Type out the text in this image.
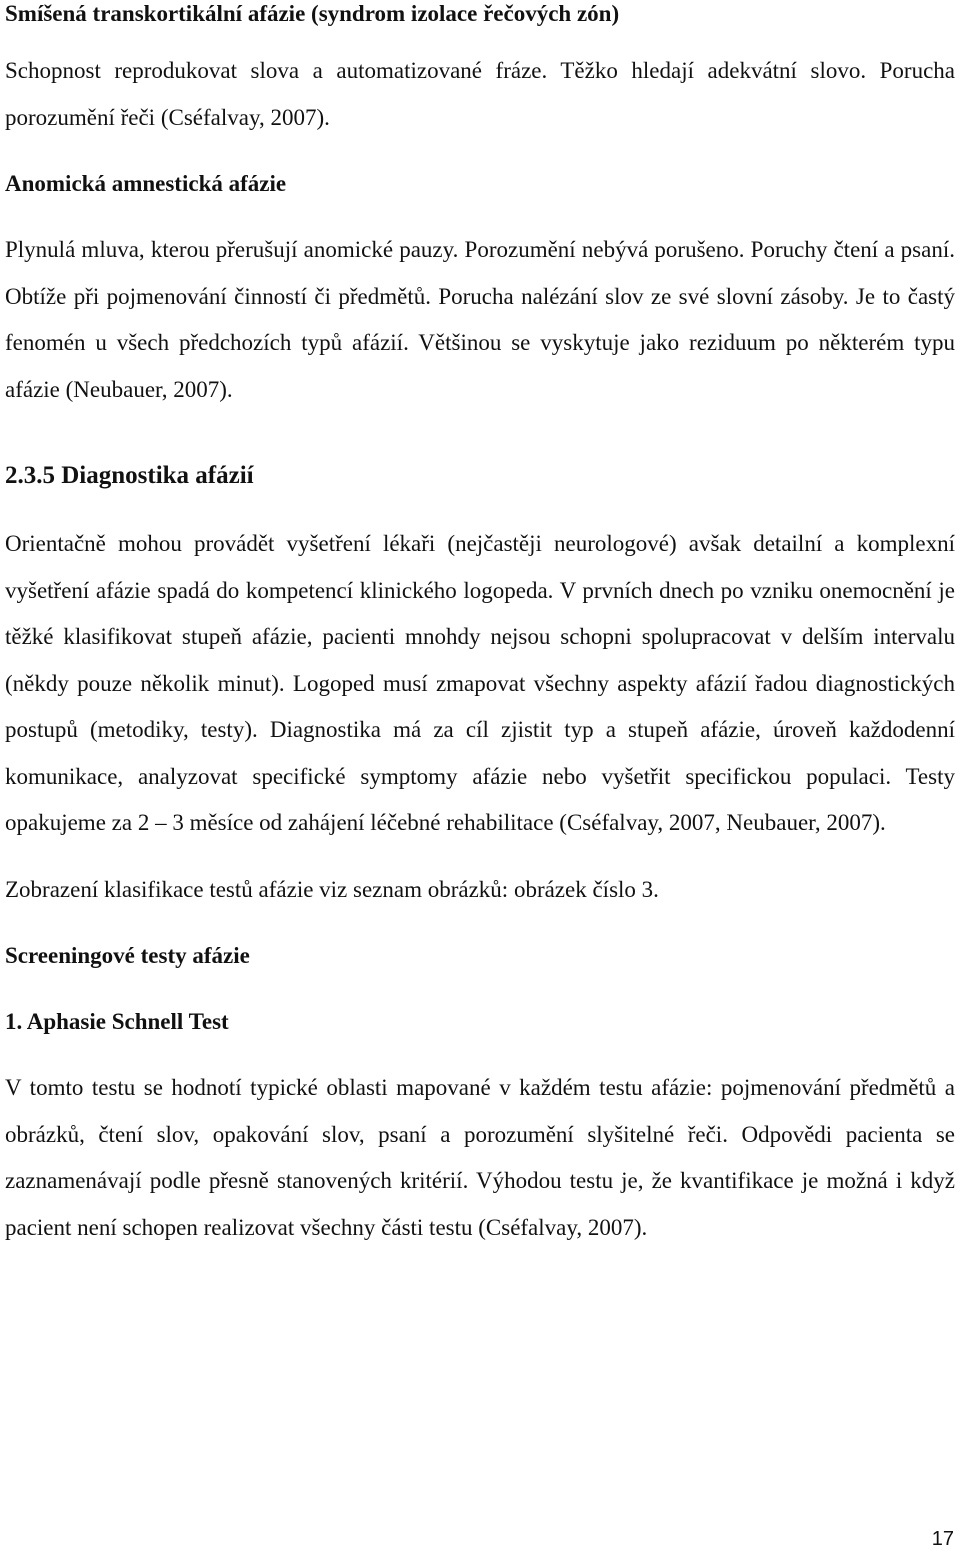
Smíšená transkortikální afázie (syndrom izolace řečových zón)

Schopnost reprodukovat slova a automatizované fráze. Těžko hledají adekvátní slovo. Porucha porozumění řeči (Cséfalvay, 2007).

Anomická amnestická afázie

Plynulá mluva, kterou přerušují anomické pauzy. Porozumění nebývá porušeno. Poruchy čtení a psaní. Obtíže při pojmenování činností či předmětů. Porucha nalézání slov ze své slovní zásoby. Je to častý fenomén u všech předchozích typů afázií. Většinou se vyskytuje jako reziduum po některém typu afázie (Neubauer, 2007).

2.3.5 Diagnostika afázií

Orientačně mohou provádět vyšetření lékaři (nejčastěji neurologové) avšak detailní a komplexní vyšetření afázie spadá do kompetencí klinického logopeda. V prvních dnech po vzniku onemocnění je těžké klasifikovat stupeň afázie, pacienti mnohdy nejsou schopni spolupracovat v delším intervalu (někdy pouze několik minut). Logoped musí zmapovat všechny aspekty afázií řadou diagnostických postupů (metodiky, testy). Diagnostika má za cíl zjistit typ a stupeň afázie, úroveň každodenní komunikace, analyzovat specifické symptomy afázie nebo vyšetřit specifickou populaci. Testy opakujeme za 2 – 3 měsíce od zahájení léčebné rehabilitace (Cséfalvay, 2007, Neubauer, 2007).

Zobrazení klasifikace testů afázie viz seznam obrázků: obrázek číslo 3.

Screeningové testy afázie
1. Aphasie Schnell Test

V tomto testu se hodnotí typické oblasti mapované v každém testu afázie: pojmenování předmětů a obrázků, čtení slov, opakování slov, psaní a porozumění slyšitelné řeči. Odpovědi pacienta se zaznamenávají podle přesně stanovených kritérií. Výhodou testu je, že kvantifikace je možná i když pacient není schopen realizovat všechny části testu (Cséfalvay, 2007).

17
